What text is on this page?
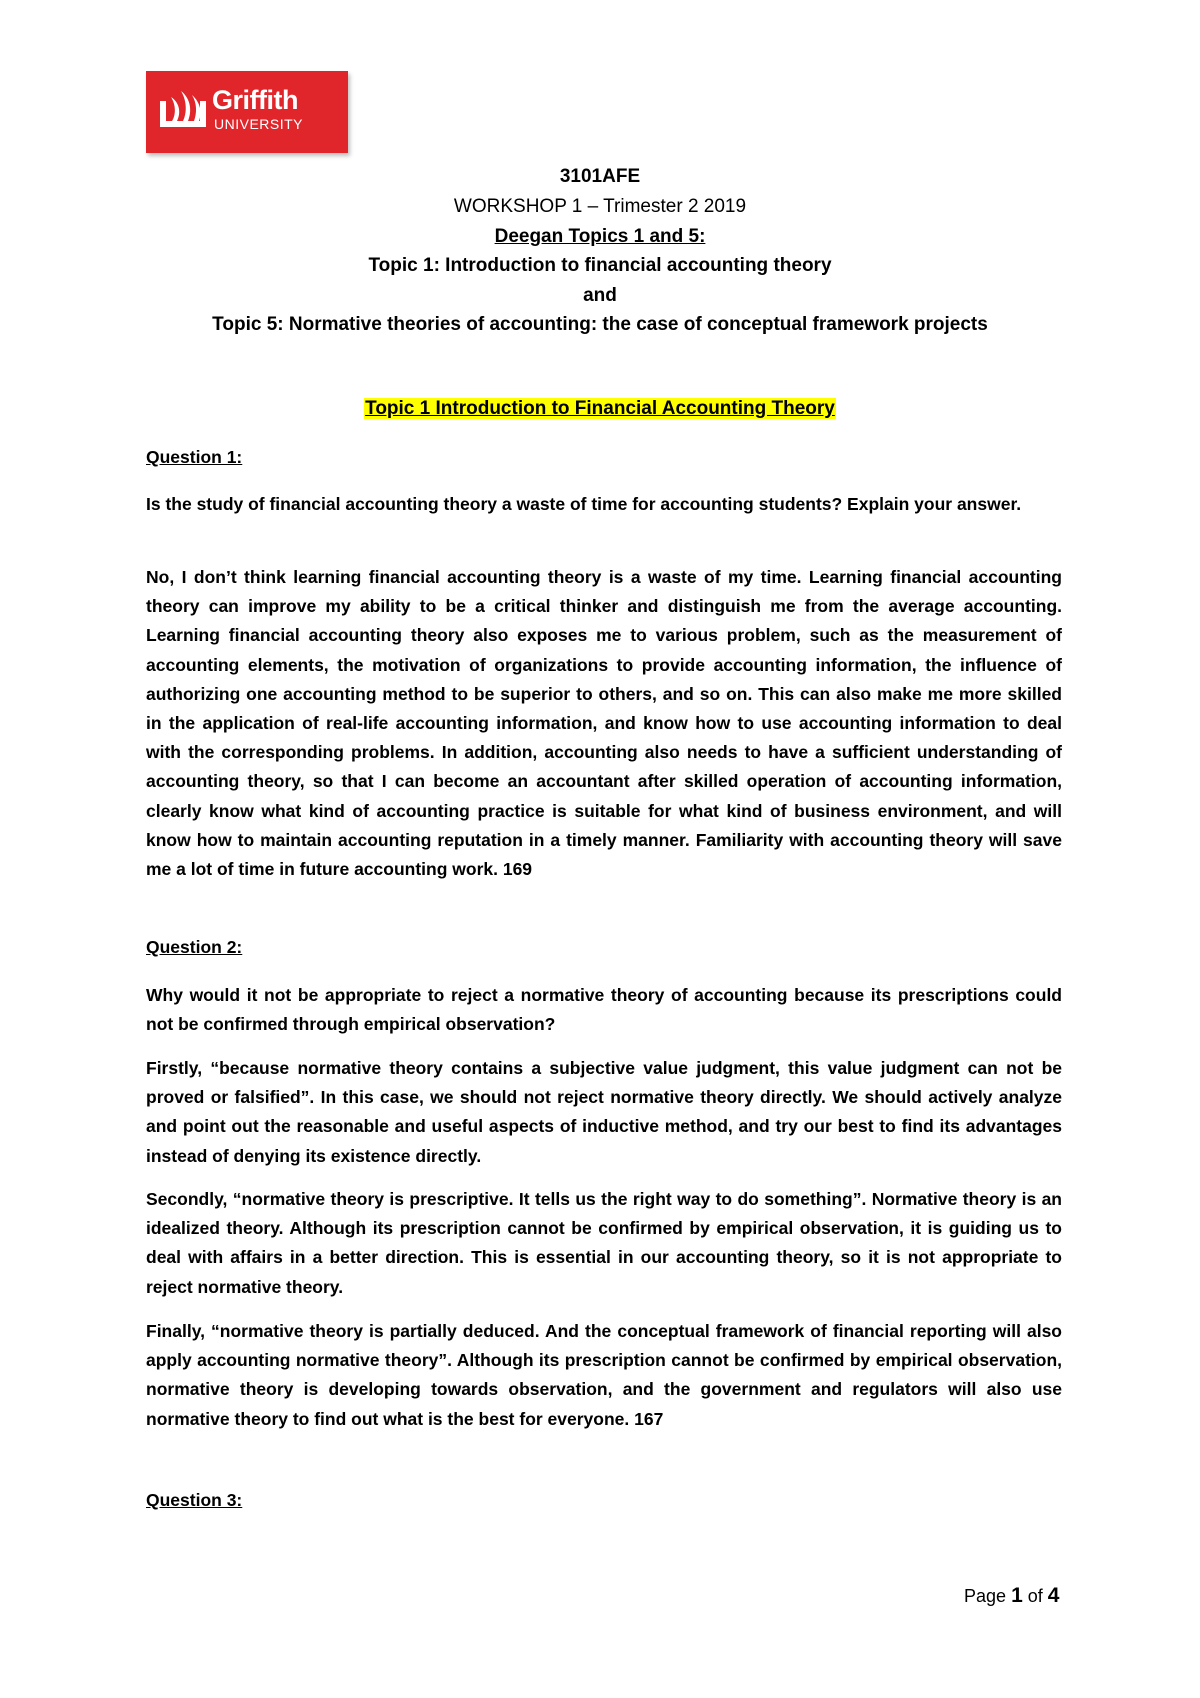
Griffith
UNIVERSITY
3101AFE
WORKSHOP 1 – Trimester 2 2019
Deegan Topics 1 and 5:
Topic 1: Introduction to financial accounting theory
and
Topic 5: Normative theories of accounting: the case of conceptual framework projects
Topic 1 Introduction to Financial Accounting Theory
Question 1:

Is the study of financial accounting theory a waste of time for accounting students? Explain your answer.

No, I don’t think learning financial accounting theory is a waste of my time. Learning financial accounting theory can improve my ability to be a critical thinker and distinguish me from the average accounting. Learning financial accounting theory also exposes me to various problem, such as the measurement of accounting elements, the motivation of organizations to provide accounting information, the influence of authorizing one accounting method to be superior to others, and so on. This can also make me more skilled in the application of real-life accounting information, and know how to use accounting information to deal with the corresponding problems. In addition, accounting also needs to have a sufficient understanding of accounting theory, so that I can become an accountant after skilled operation of accounting information, clearly know what kind of accounting practice is suitable for what kind of business environment, and will know how to maintain accounting reputation in a timely manner. Familiarity with accounting theory will save me a lot of time in future accounting work. 169

Question 2:

Why would it not be appropriate to reject a normative theory of accounting because its prescriptions could not be confirmed through empirical observation?

Firstly, “because normative theory contains a subjective value judgment, this value judgment can not be proved or falsified”. In this case, we should not reject normative theory directly. We should actively analyze and point out the reasonable and useful aspects of inductive method, and try our best to find its advantages instead of denying its existence directly.

Secondly, “normative theory is prescriptive. It tells us the right way to do something”. Normative theory is an idealized theory. Although its prescription cannot be confirmed by empirical observation, it is guiding us to deal with affairs in a better direction. This is essential in our accounting theory, so it is not appropriate to reject normative theory.

Finally, “normative theory is partially deduced. And the conceptual framework of financial reporting will also apply accounting normative theory”. Although its prescription cannot be confirmed by empirical observation, normative theory is developing towards observation, and the government and regulators will also use normative theory to find out what is the best for everyone. 167

Question 3:
Page 1 of 4
